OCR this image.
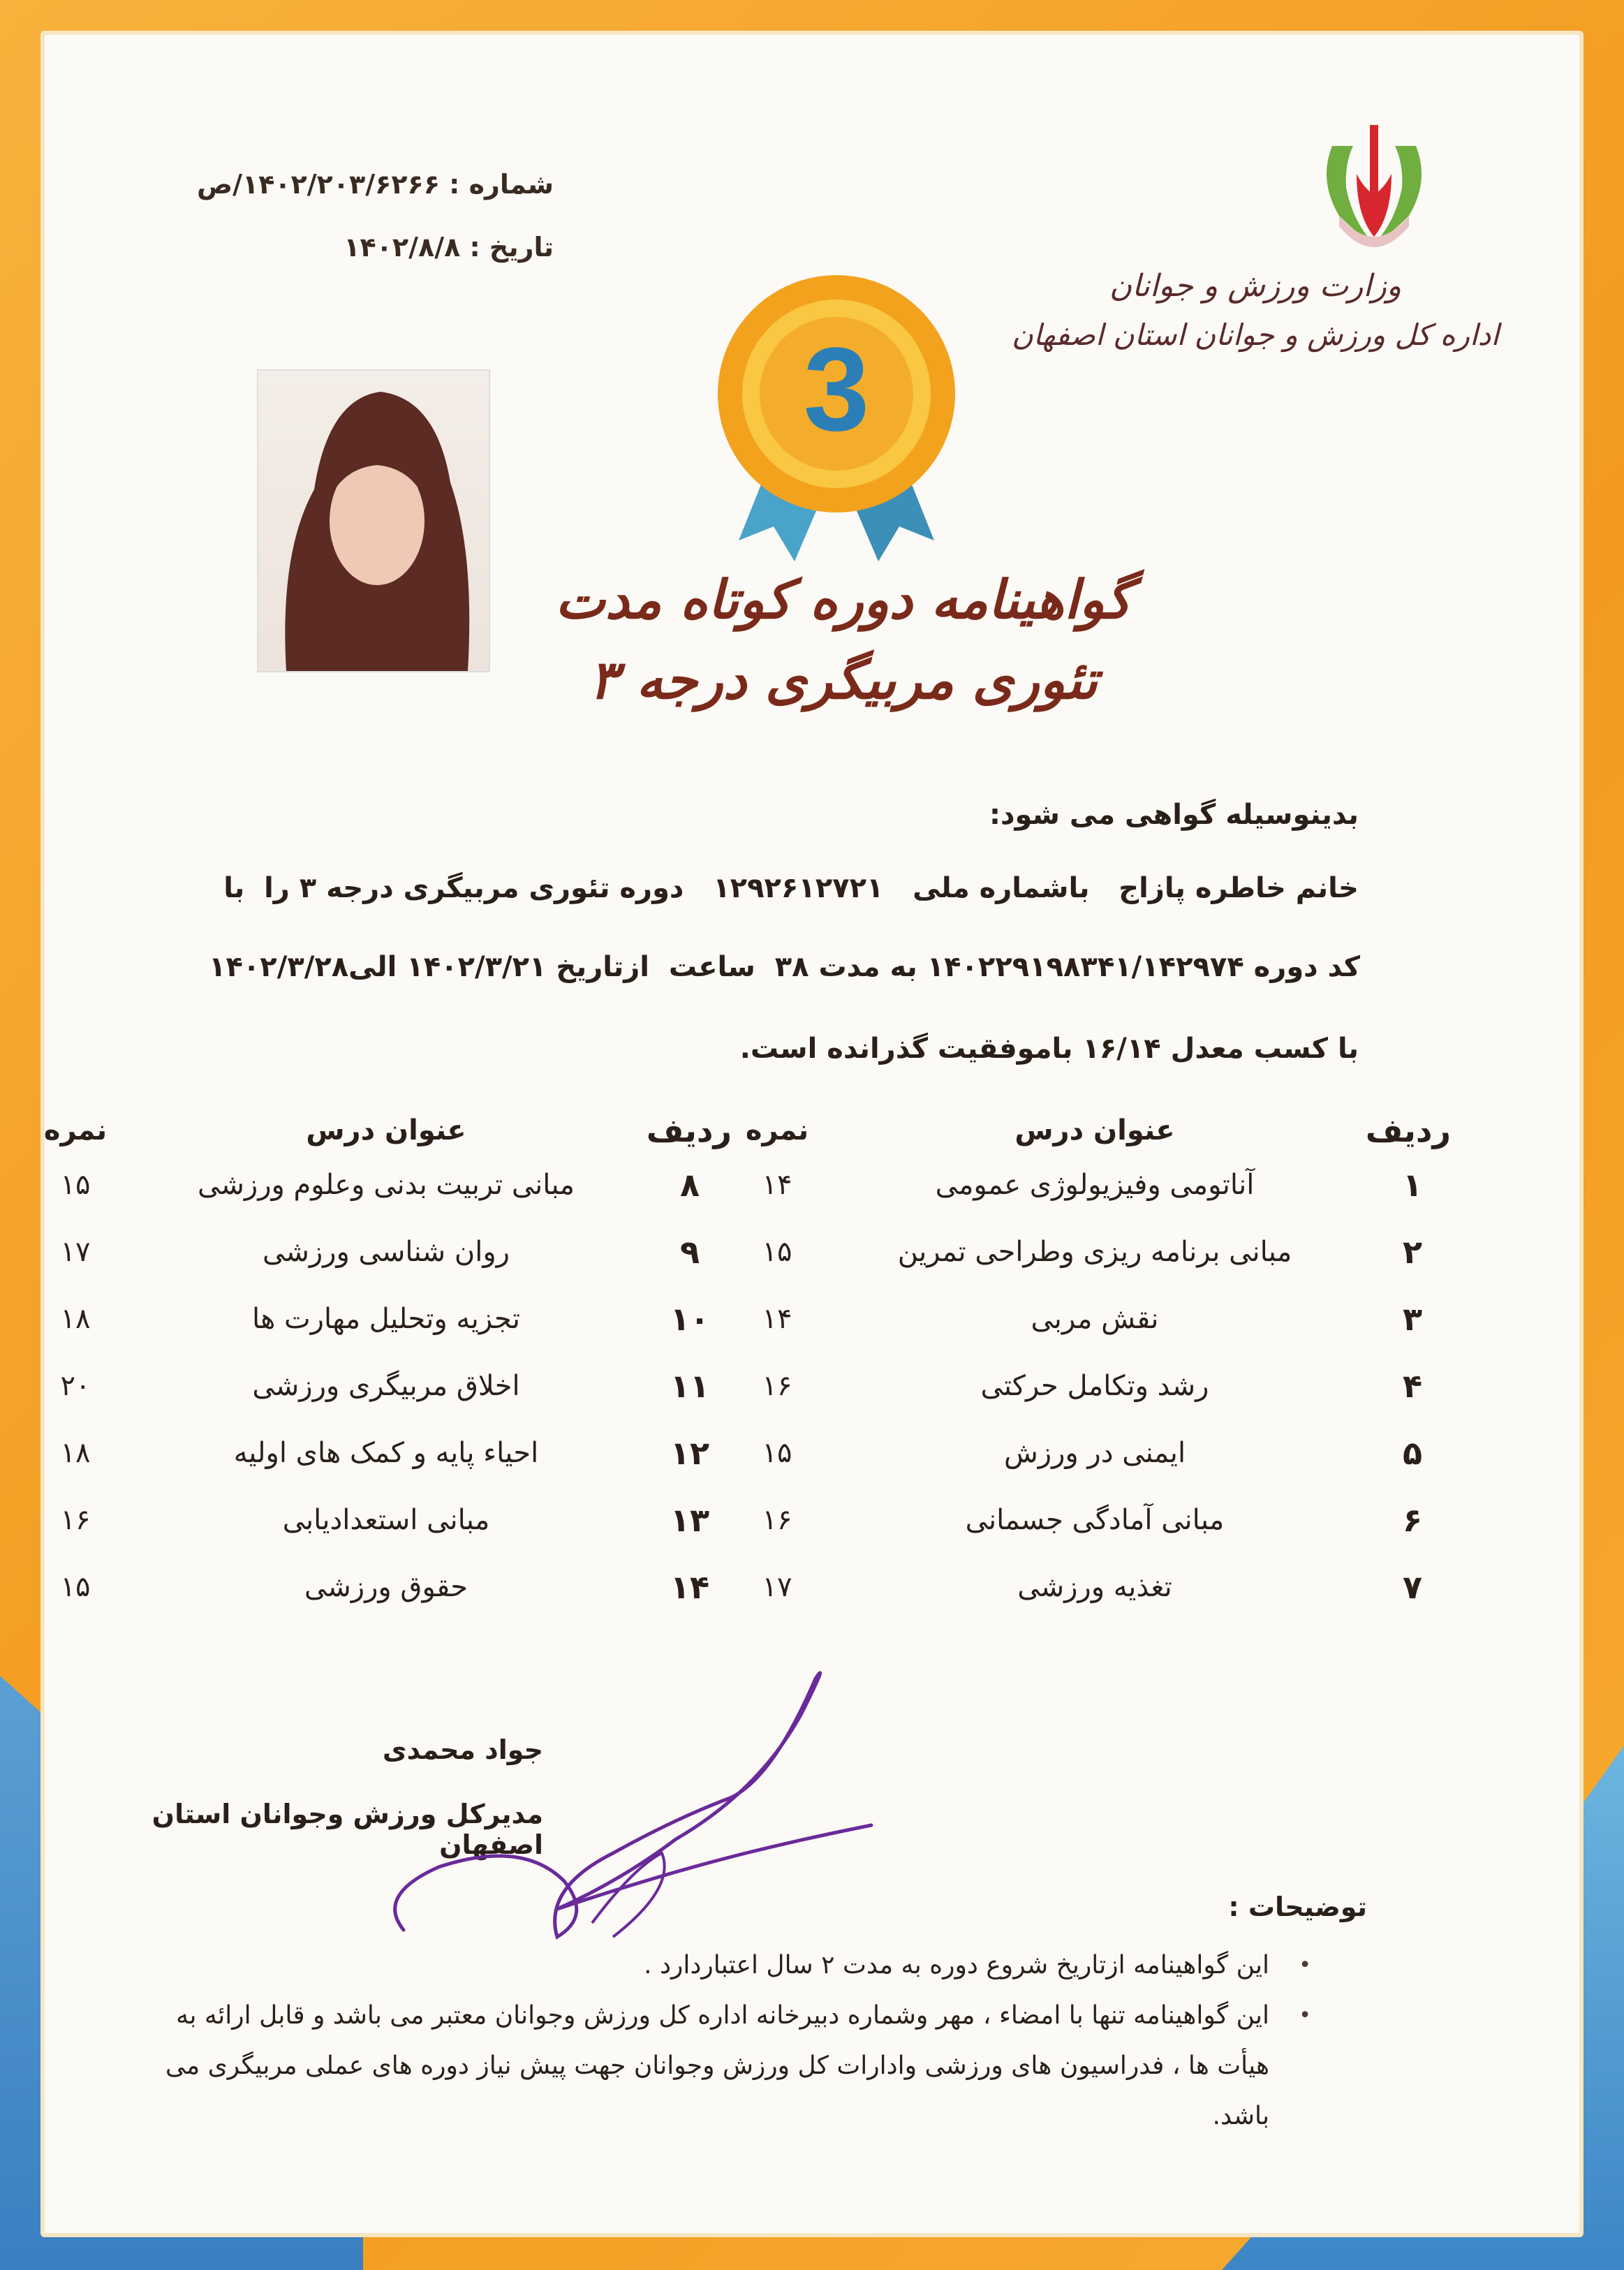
شماره : ۱۴۰۲/۲۰۳/۶۲۶۶/ص
تاریخ : ۱۴۰۲/۸/۸
وزارت ورزش و جوانان
اداره کل ورزش و جوانان استان اصفهان
3
گواهینامه دوره کوتاه مدت
تئوری مربیگری درجه ۳
بدینوسیله گواهی می شود:
خانم خاطره پازاج   باشماره ملی   ۱۲۹۲۶۱۲۷۲۱   دوره تئوری مربیگری درجه ۳ را  با
کد دوره ۱۴۰۲۲۹۱۹۸۳۴۱/۱۴۲۹۷۴ به مدت ۳۸  ساعت  ازتاریخ ۱۴۰۲/۳/۲۱ الی۱۴۰۲/۳/۲۸
با کسب معدل ۱۶/۱۴ باموفقیت گذرانده است.
ردیف
عنوان درس
نمره
۱
آناتومی وفیزیولوژی عمومی
۱۴
۲
مبانی برنامه ریزی وطراحی تمرین
۱۵
۳
نقش مربی
۱۴
۴
رشد وتکامل حرکتی
۱۶
۵
ایمنی در ورزش
۱۵
۶
مبانی آمادگی جسمانی
۱۶
۷
تغذیه ورزشی
۱۷
ردیف
عنوان درس
نمره
۸
مبانی تربیت بدنی وعلوم ورزشی
۱۵
۹
روان شناسی ورزشی
۱۷
۱۰
تجزیه وتحلیل مهارت ها
۱۸
۱۱
اخلاق مربیگری ورزشی
۲۰
۱۲
احیاء پایه و کمک های اولیه
۱۸
۱۳
مبانی استعدادیابی
۱۶
۱۴
حقوق ورزشی
۱۵
جواد محمدی
مدیرکل ورزش وجوانان استان اصفهان
توضیحات :
• این گواهینامه ازتاریخ شروع دوره به مدت ۲ سال اعتباردارد .
• این گواهینامه تنها با امضاء ، مهر وشماره دبیرخانه اداره کل ورزش وجوانان معتبر می باشد و قابل ارائه به هیأت ها ، فدراسیون های ورزشی وادارات کل ورزش وجوانان جهت پیش نیاز دوره های عملی مربیگری می باشد.
